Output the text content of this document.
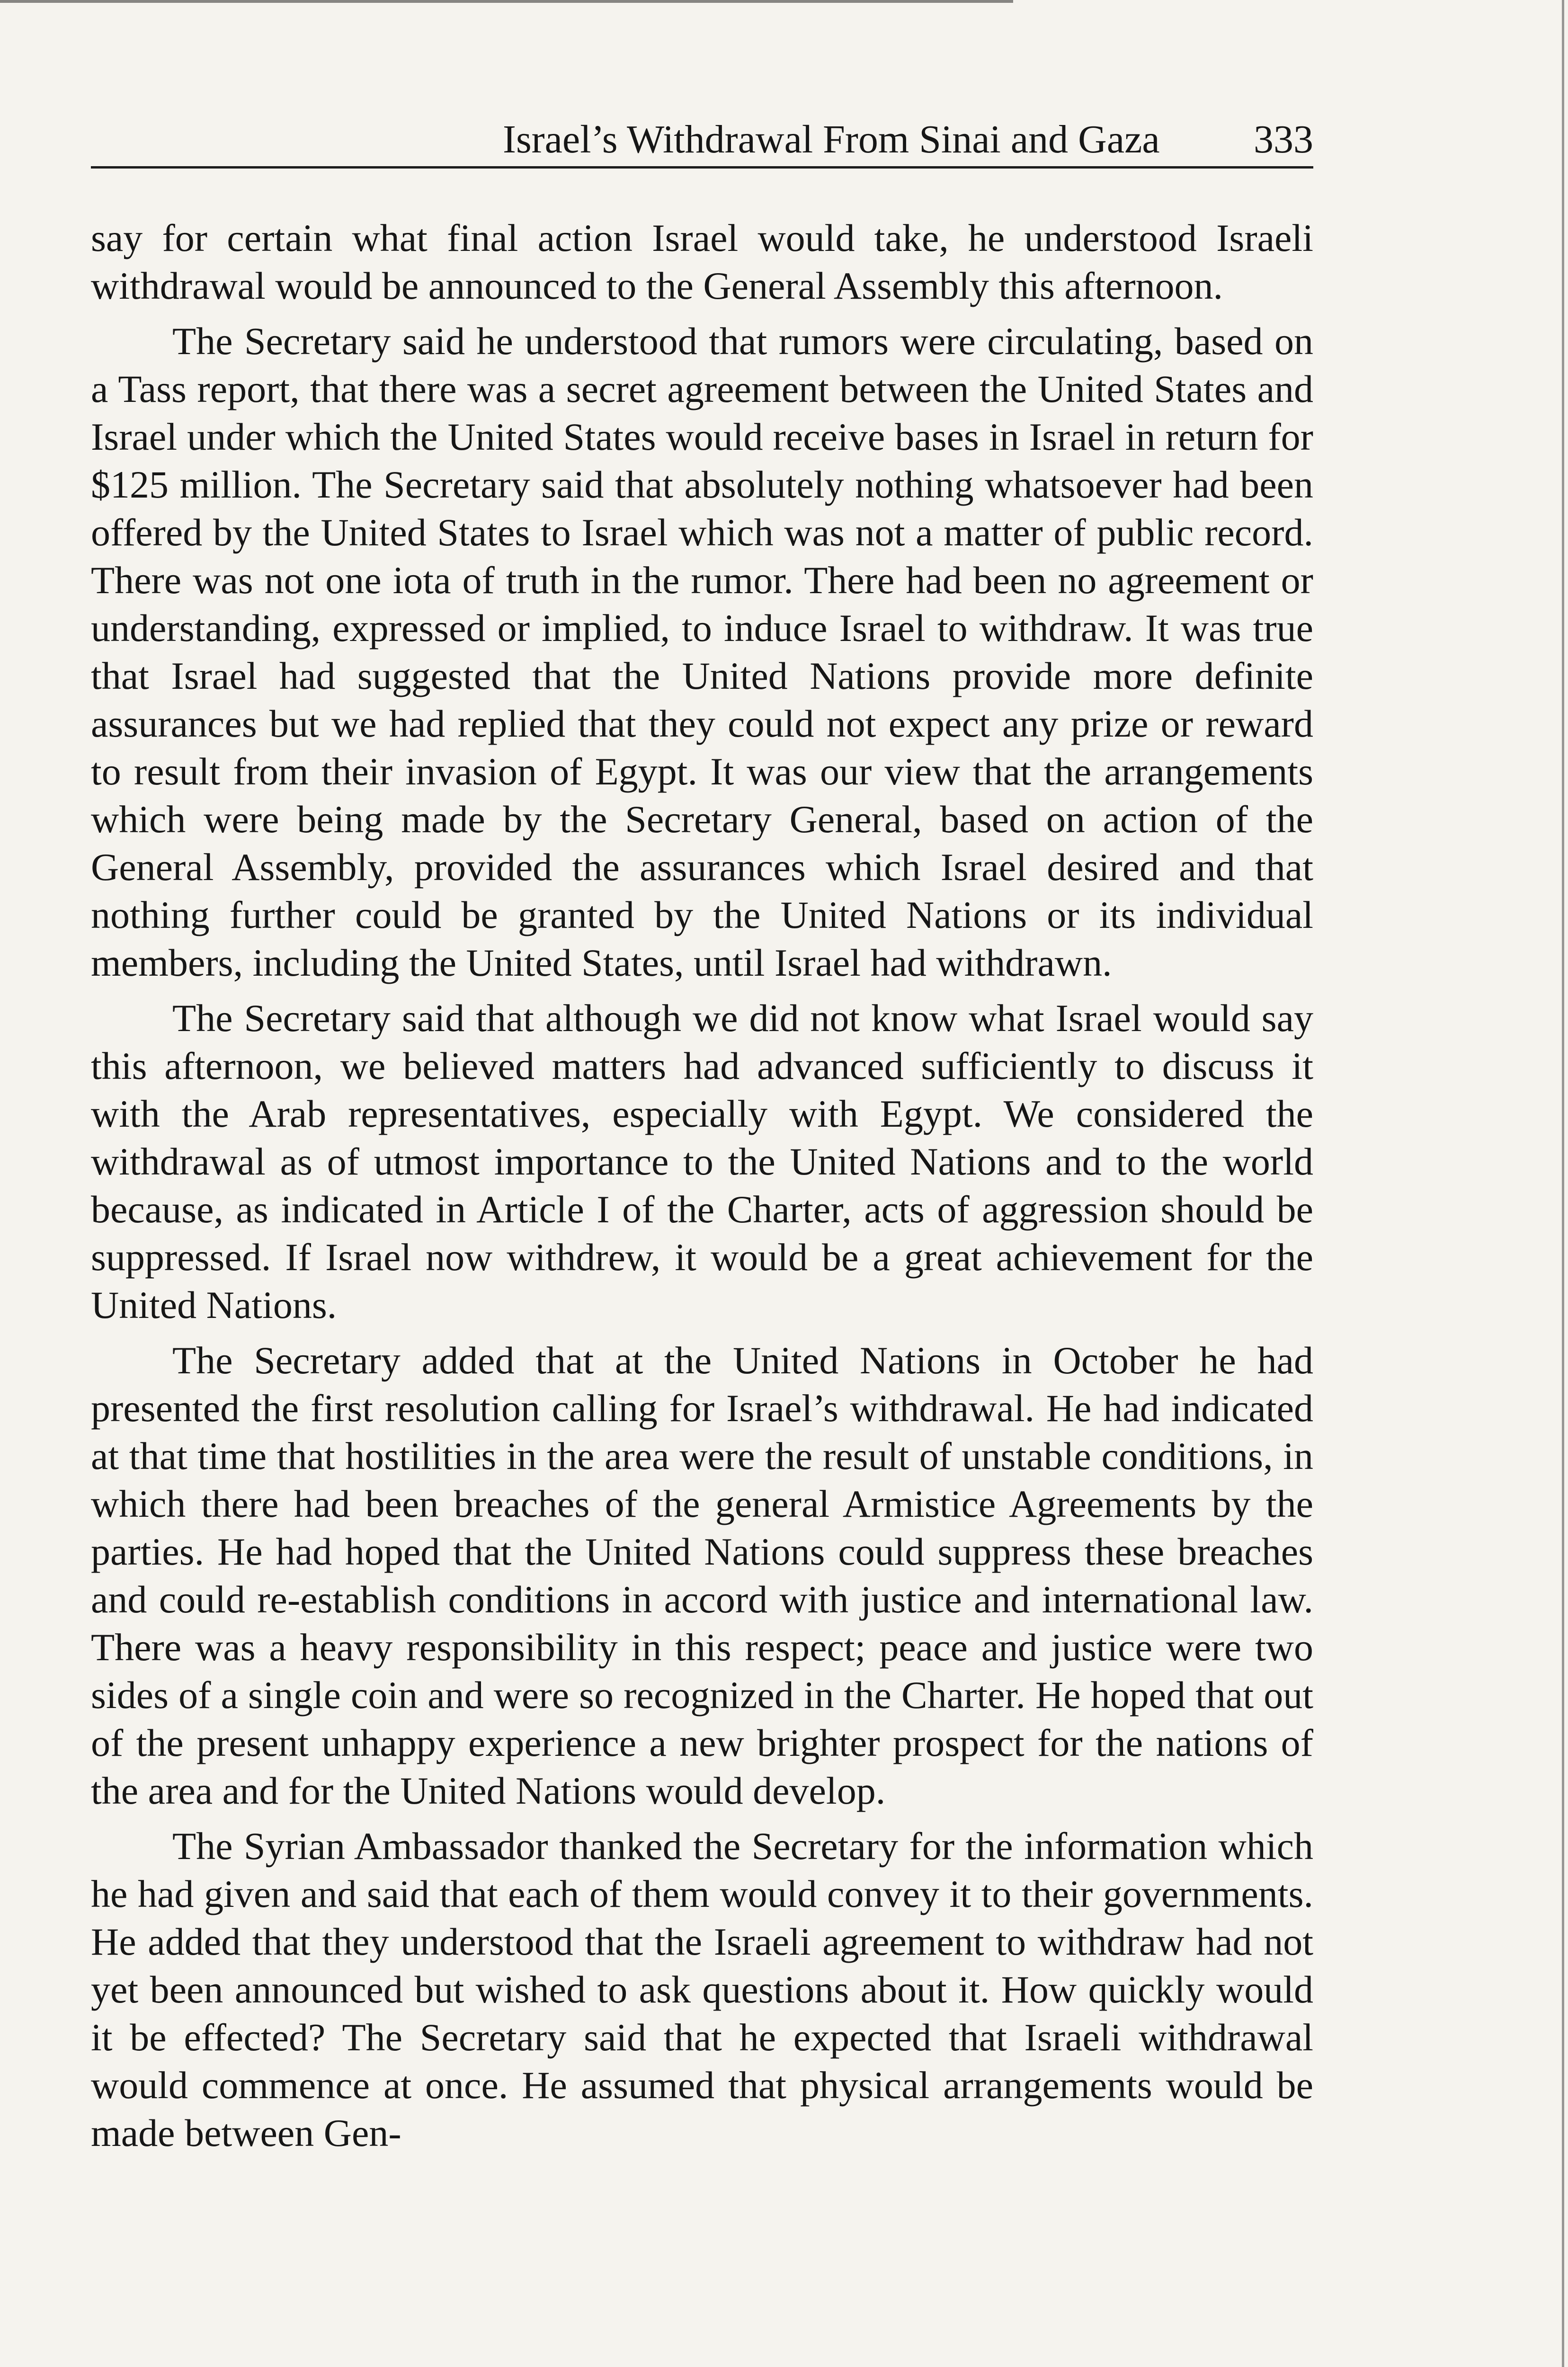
Israel’s Withdrawal From Sinai and Gaza 333

say for certain what final action Israel would take, he understood Israeli withdrawal would be announced to the General Assembly this afternoon.

The Secretary said he understood that rumors were circulating, based on a Tass report, that there was a secret agreement between the United States and Israel under which the United States would receive bases in Israel in return for $125 million. The Secretary said that absolutely nothing whatsoever had been offered by the United States to Israel which was not a matter of public record. There was not one iota of truth in the rumor. There had been no agreement or understanding, expressed or implied, to induce Israel to withdraw. It was true that Israel had suggested that the United Nations provide more definite assurances but we had replied that they could not expect any prize or reward to result from their invasion of Egypt. It was our view that the arrangements which were being made by the Secretary General, based on action of the General Assembly, provided the assurances which Israel desired and that nothing further could be granted by the United Nations or its individual members, including the United States, until Israel had withdrawn.

The Secretary said that although we did not know what Israel would say this afternoon, we believed matters had advanced sufficiently to discuss it with the Arab representatives, especially with Egypt. We considered the withdrawal as of utmost importance to the United Nations and to the world because, as indicated in Article I of the Charter, acts of aggression should be suppressed. If Israel now withdrew, it would be a great achievement for the United Nations.

The Secretary added that at the United Nations in October he had presented the first resolution calling for Israel’s withdrawal. He had indicated at that time that hostilities in the area were the result of unstable conditions, in which there had been breaches of the general Armistice Agreements by the parties. He had hoped that the United Nations could suppress these breaches and could re-establish conditions in accord with justice and international law. There was a heavy responsibility in this respect; peace and justice were two sides of a single coin and were so recognized in the Charter. He hoped that out of the present unhappy experience a new brighter prospect for the nations of the area and for the United Nations would develop.

The Syrian Ambassador thanked the Secretary for the information which he had given and said that each of them would convey it to their governments. He added that they understood that the Israeli agreement to withdraw had not yet been announced but wished to ask questions about it. How quickly would it be effected? The Secretary said that he expected that Israeli withdrawal would commence at once. He assumed that physical arrangements would be made between Gen-
